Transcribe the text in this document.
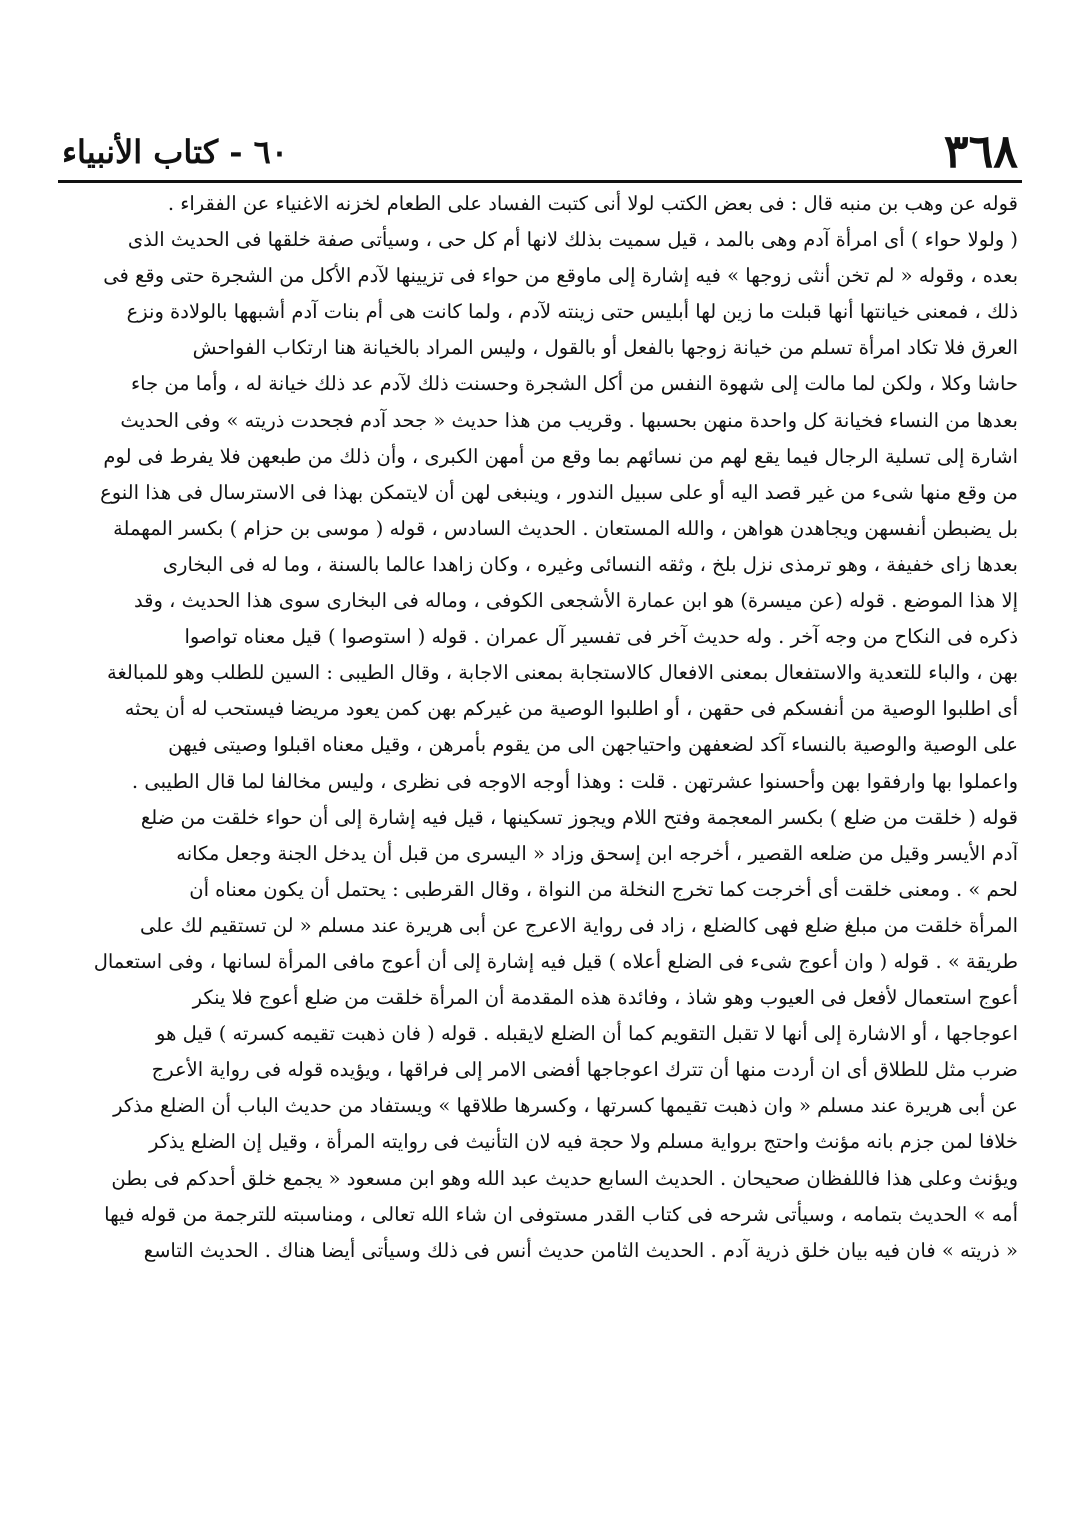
٣٦٨
٦٠ - كتاب الأنبياء
قوله عن وهب بن منبه قال : فى بعض الكتب لولا أنى كتبت الفساد على الطعام لخزنه الاغنياء عن الفقراء .
( ولولا حواء ) أى امرأة آدم وهى بالمد ، قيل سميت بذلك لانها أم كل حى ، وسيأتى صفة خلقها فى الحديث الذى
بعده ، وقوله « لم تخن أنثى زوجها » فيه إشارة إلى ماوقع من حواء فى تزيينها لآدم الأكل من الشجرة حتى وقع فى
ذلك ، فمعنى خيانتها أنها قبلت ما زين لها أبليس حتى زينته لآدم ، ولما كانت هى أم بنات آدم أشبهها بالولادة ونزع
العرق فلا تكاد امرأة تسلم من خيانة زوجها بالفعل أو بالقول ، وليس المراد بالخيانة هنا ارتكاب الفواحش
حاشا وكلا ، ولكن لما مالت إلى شهوة النفس من أكل الشجرة وحسنت ذلك لآدم عد ذلك خيانة له ، وأما من جاء
بعدها من النساء فخيانة كل واحدة منهن بحسبها . وقريب من هذا حديث « جحد آدم فجحدت ذريته » وفى الحديث
اشارة إلى تسلية الرجال فيما يقع لهم من نسائهم بما وقع من أمهن الكبرى ، وأن ذلك من طبعهن فلا يفرط فى لوم
من وقع منها شىء من غير قصد اليه أو على سبيل الندور ، وينبغى لهن أن لايتمكن بهذا فى الاسترسال فى هذا النوع
بل يضبطن أنفسهن ويجاهدن هواهن ، والله المستعان . الحديث السادس ، قوله ( موسى بن حزام ) بكسر المهملة
بعدها زاى خفيفة ، وهو ترمذى نزل بلخ ، وثقه النسائى وغيره ، وكان زاهدا عالما بالسنة ، وما له فى البخارى
إلا هذا الموضع . قوله (عن ميسرة) هو ابن عمارة الأشجعى الكوفى ، وماله فى البخارى سوى هذا الحديث ، وقد
ذكره فى النكاح من وجه آخر . وله حديث آخر فى تفسير آل عمران . قوله ( استوصوا ) قيل معناه تواصوا
بهن ، والباء للتعدية والاستفعال بمعنى الافعال كالاستجابة بمعنى الاجابة ، وقال الطيبى : السين للطلب وهو للمبالغة
أى اطلبوا الوصية من أنفسكم فى حقهن ، أو اطلبوا الوصية من غيركم بهن كمن يعود مريضا فيستحب له أن يحثه
على الوصية والوصية بالنساء آكد لضعفهن واحتياجهن الى من يقوم بأمرهن ، وقيل معناه اقبلوا وصيتى فيهن
واعملوا بها وارفقوا بهن وأحسنوا عشرتهن . قلت : وهذا أوجه الاوجه فى نظرى ، وليس مخالفا لما قال الطيبى .
قوله ( خلقت من ضلع ) بكسر المعجمة وفتح اللام ويجوز تسكينها ، قيل فيه إشارة إلى أن حواء خلقت من ضلع
آدم الأيسر وقيل من ضلعه القصير ، أخرجه ابن إسحق وزاد « اليسرى من قبل أن يدخل الجنة وجعل مكانه
لحم » . ومعنى خلقت أى أخرجت كما تخرج النخلة من النواة ، وقال القرطبى : يحتمل أن يكون معناه أن
المرأة خلقت من مبلغ ضلع فهى كالضلع ، زاد فى رواية الاعرج عن أبى هريرة عند مسلم « لن تستقيم لك على
طريقة » . قوله ( وان أعوج شىء فى الضلع أعلاه ) قيل فيه إشارة إلى أن أعوج مافى المرأة لسانها ، وفى استعمال
أعوج استعمال لأفعل فى العيوب وهو شاذ ، وفائدة هذه المقدمة أن المرأة خلقت من ضلع أعوج فلا ينكر
اعوجاجها ، أو الاشارة إلى أنها لا تقبل التقويم كما أن الضلع لايقبله . قوله ( فان ذهبت تقيمه كسرته ) قيل هو
ضرب مثل للطلاق أى ان أردت منها أن تترك اعوجاجها أفضى الامر إلى فراقها ، ويؤيده قوله فى رواية الأعرج
عن أبى هريرة عند مسلم « وان ذهبت تقيمها كسرتها ، وكسرها طلاقها » ويستفاد من حديث الباب أن الضلع مذكر
خلافا لمن جزم بانه مؤنث واحتج برواية مسلم ولا حجة فيه لان التأنيث فى روايته المرأة ، وقيل إن الضلع يذكر
ويؤنث وعلى هذا فاللفظان صحيحان . الحديث السابع حديث عبد الله وهو ابن مسعود « يجمع خلق أحدكم فى بطن
أمه » الحديث بتمامه ، وسيأتى شرحه فى كتاب القدر مستوفى ان شاء الله تعالى ، ومناسبته للترجمة من قوله فيها
« ذريته » فان فيه بيان خلق ذرية آدم . الحديث الثامن حديث أنس فى ذلك وسيأتى أيضا هناك . الحديث التاسع
